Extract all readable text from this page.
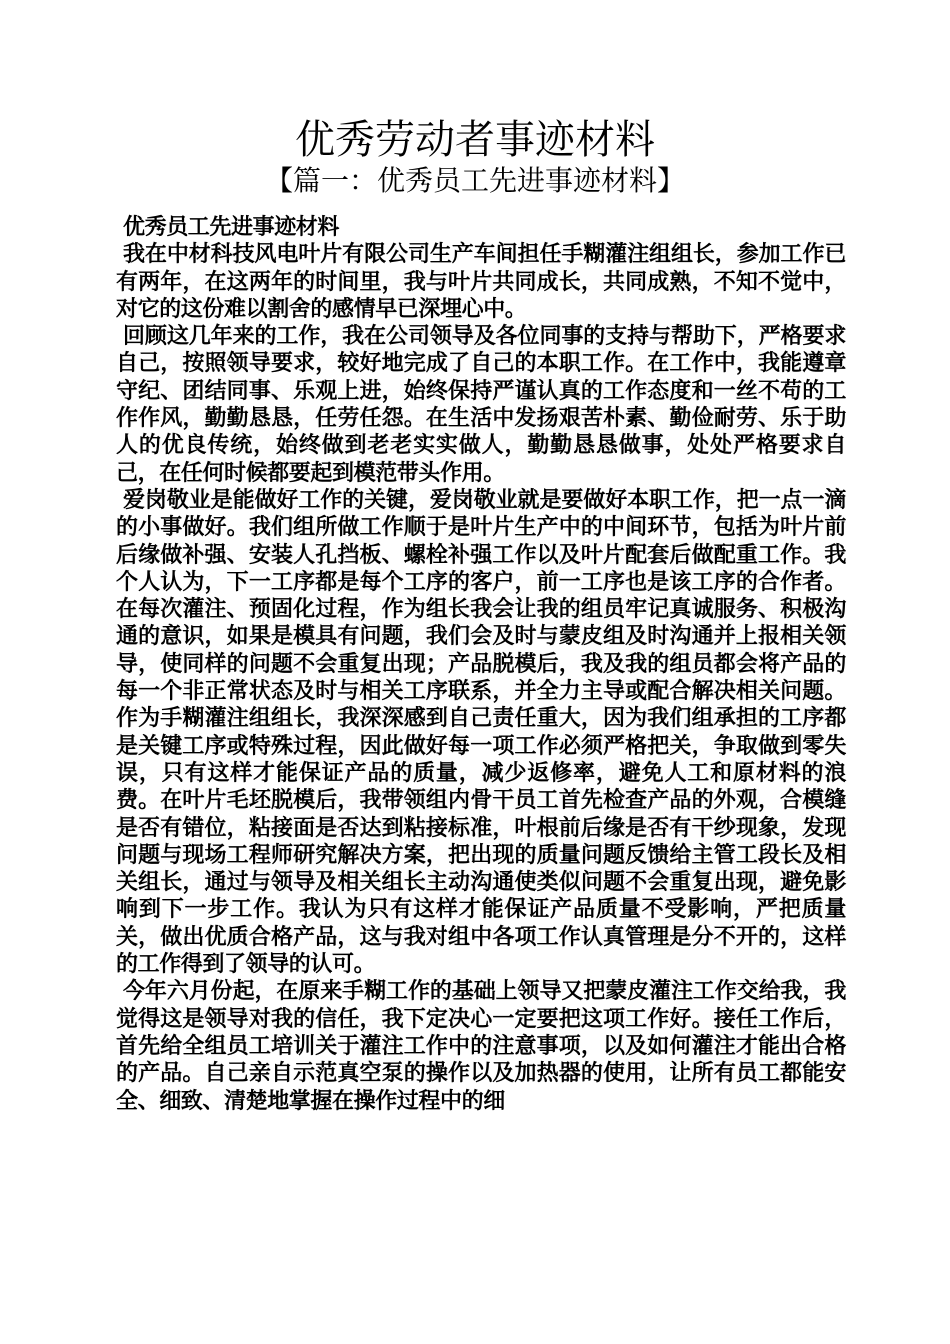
优秀劳动者事迹材料
【篇一：优秀员工先进事迹材料】

优秀员工先进事迹材料

我在中材科技风电叶片有限公司生产车间担任手糊灌注组组长，参加工作已有两年，在这两年的时间里，我与叶片共同成长，共同成熟，不知不觉中，对它的这份难以割舍的感情早已深埋心中。

回顾这几年来的工作，我在公司领导及各位同事的支持与帮助下，严格要求自己，按照领导要求，较好地完成了自己的本职工作。在工作中，我能遵章守纪、团结同事、乐观上进，始终保持严谨认真的工作态度和一丝不苟的工作作风，勤勤恳恳，任劳任怨。在生活中发扬艰苦朴素、勤俭耐劳、乐于助人的优良传统，始终做到老老实实做人，勤勤恳恳做事，处处严格要求自己，在任何时候都要起到模范带头作用。

爱岗敬业是能做好工作的关键，爱岗敬业就是要做好本职工作，把一点一滴的小事做好。我们组所做工作顺于是叶片生产中的中间环节，包括为叶片前后缘做补强、安装人孔挡板、螺栓补强工作以及叶片配套后做配重工作。我个人认为，下一工序都是每个工序的客户，前一工序也是该工序的合作者。在每次灌注、预固化过程，作为组长我会让我的组员牢记真诚服务、积极沟通的意识，如果是模具有问题，我们会及时与蒙皮组及时沟通并上报相关领导，使同样的问题不会重复出现；产品脱模后，我及我的组员都会将产品的每一个非正常状态及时与相关工序联系，并全力主导或配合解决相关问题。作为手糊灌注组组长，我深深感到自己责任重大，因为我们组承担的工序都是关键工序或特殊过程，因此做好每一项工作必须严格把关，争取做到零失误，只有这样才能保证产品的质量，减少返修率，避免人工和原材料的浪费。在叶片毛坯脱模后，我带领组内骨干员工首先检查产品的外观，合模缝是否有错位，粘接面是否达到粘接标准，叶根前后缘是否有干纱现象，发现问题与现场工程师研究解决方案，把出现的质量问题反馈给主管工段长及相关组长，通过与领导及相关组长主动沟通使类似问题不会重复出现，避免影响到下一步工作。我认为只有这样才能保证产品质量不受影响，严把质量关，做出优质合格产品，这与我对组中各项工作认真管理是分不开的，这样的工作得到了领导的认可。

今年六月份起，在原来手糊工作的基础上领导又把蒙皮灌注工作交给我，我觉得这是领导对我的信任，我下定决心一定要把这项工作好。接任工作后，首先给全组员工培训关于灌注工作中的注意事项，以及如何灌注才能出合格的产品。自己亲自示范真空泵的操作以及加热器的使用，让所有员工都能安全、细致、清楚地掌握在操作过程中的细
